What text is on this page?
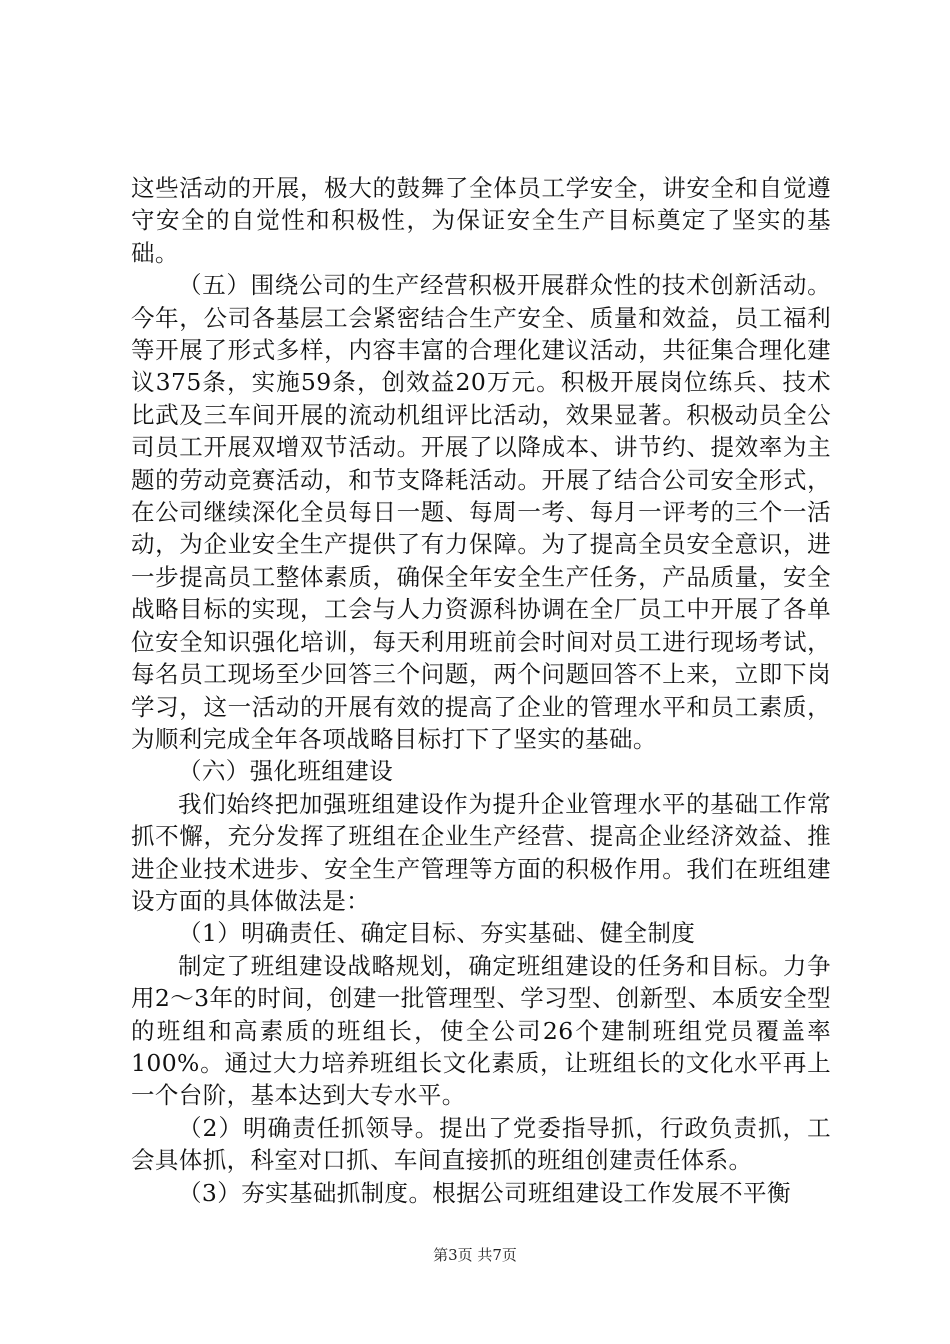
这些活动的开展，极大的鼓舞了全体员工学安全，讲安全和自觉遵守安全的自觉性和积极性，为保证安全生产目标奠定了坚实的基础。

（五）围绕公司的生产经营积极开展群众性的技术创新活动。今年，公司各基层工会紧密结合生产安全、质量和效益，员工福利等开展了形式多样，内容丰富的合理化建议活动，共征集合理化建议375条，实施59条，创效益20万元。积极开展岗位练兵、技术比武及三车间开展的流动机组评比活动，效果显著。积极动员全公司员工开展双增双节活动。开展了以降成本、讲节约、提效率为主题的劳动竞赛活动，和节支降耗活动。开展了结合公司安全形式，在公司继续深化全员每日一题、每周一考、每月一评考的三个一活动，为企业安全生产提供了有力保障。为了提高全员安全意识，进一步提高员工整体素质，确保全年安全生产任务，产品质量，安全战略目标的实现，工会与人力资源科协调在全厂员工中开展了各单位安全知识强化培训，每天利用班前会时间对员工进行现场考试，每名员工现场至少回答三个问题，两个问题回答不上来，立即下岗学习，这一活动的开展有效的提高了企业的管理水平和员工素质，为顺利完成全年各项战略目标打下了坚实的基础。

（六）强化班组建设

我们始终把加强班组建设作为提升企业管理水平的基础工作常抓不懈，充分发挥了班组在企业生产经营、提高企业经济效益、推进企业技术进步、安全生产管理等方面的积极作用。我们在班组建设方面的具体做法是：

（1）明确责任、确定目标、夯实基础、健全制度

制定了班组建设战略规划，确定班组建设的任务和目标。力争用2～3年的时间，创建一批管理型、学习型、创新型、本质安全型的班组和高素质的班组长，使全公司26个建制班组党员覆盖率100%。通过大力培养班组长文化素质，让班组长的文化水平再上一个台阶，基本达到大专水平。

（2）明确责任抓领导。提出了党委指导抓，行政负责抓，工会具体抓，科室对口抓、车间直接抓的班组创建责任体系。

（3）夯实基础抓制度。根据公司班组建设工作发展不平衡

第3页 共7页
